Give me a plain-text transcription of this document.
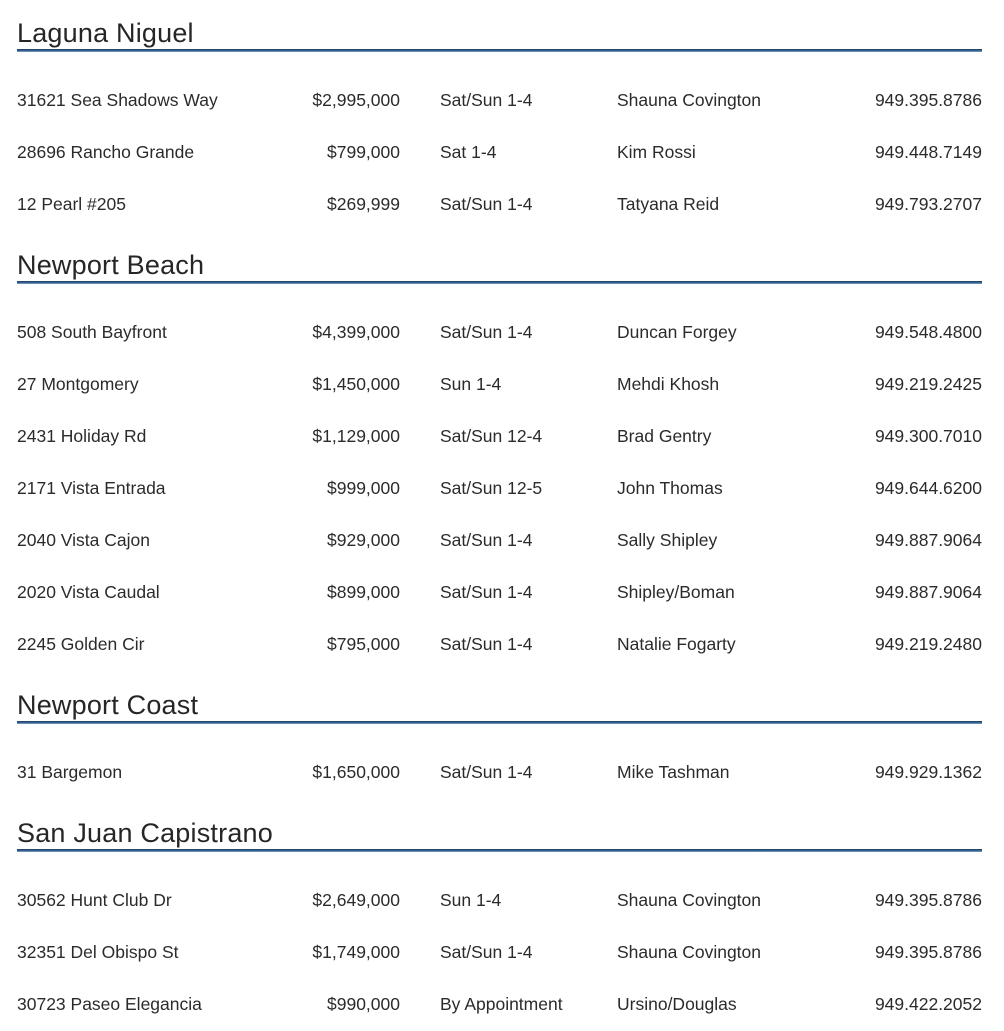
Laguna Niguel
31621 Sea Shadows Way	$2,995,000	Sat/Sun 1-4	Shauna Covington	949.395.8786
28696 Rancho Grande	$799,000	Sat 1-4	Kim Rossi	949.448.7149
12 Pearl #205	$269,999	Sat/Sun 1-4	Tatyana Reid	949.793.2707
Newport Beach
508 South Bayfront	$4,399,000	Sat/Sun 1-4	Duncan Forgey	949.548.4800
27 Montgomery	$1,450,000	Sun 1-4	Mehdi Khosh	949.219.2425
2431 Holiday Rd	$1,129,000	Sat/Sun 12-4	Brad Gentry	949.300.7010
2171 Vista Entrada	$999,000	Sat/Sun 12-5	John Thomas	949.644.6200
2040 Vista Cajon	$929,000	Sat/Sun 1-4	Sally Shipley	949.887.9064
2020 Vista Caudal	$899,000	Sat/Sun 1-4	Shipley/Boman	949.887.9064
2245 Golden Cir	$795,000	Sat/Sun 1-4	Natalie Fogarty	949.219.2480
Newport Coast
31 Bargemon	$1,650,000	Sat/Sun 1-4	Mike Tashman	949.929.1362
San Juan Capistrano
30562 Hunt Club Dr	$2,649,000	Sun 1-4	Shauna Covington	949.395.8786
32351 Del Obispo St	$1,749,000	Sat/Sun 1-4	Shauna Covington	949.395.8786
30723 Paseo Elegancia	$990,000	By Appointment	Ursino/Douglas	949.422.2052
